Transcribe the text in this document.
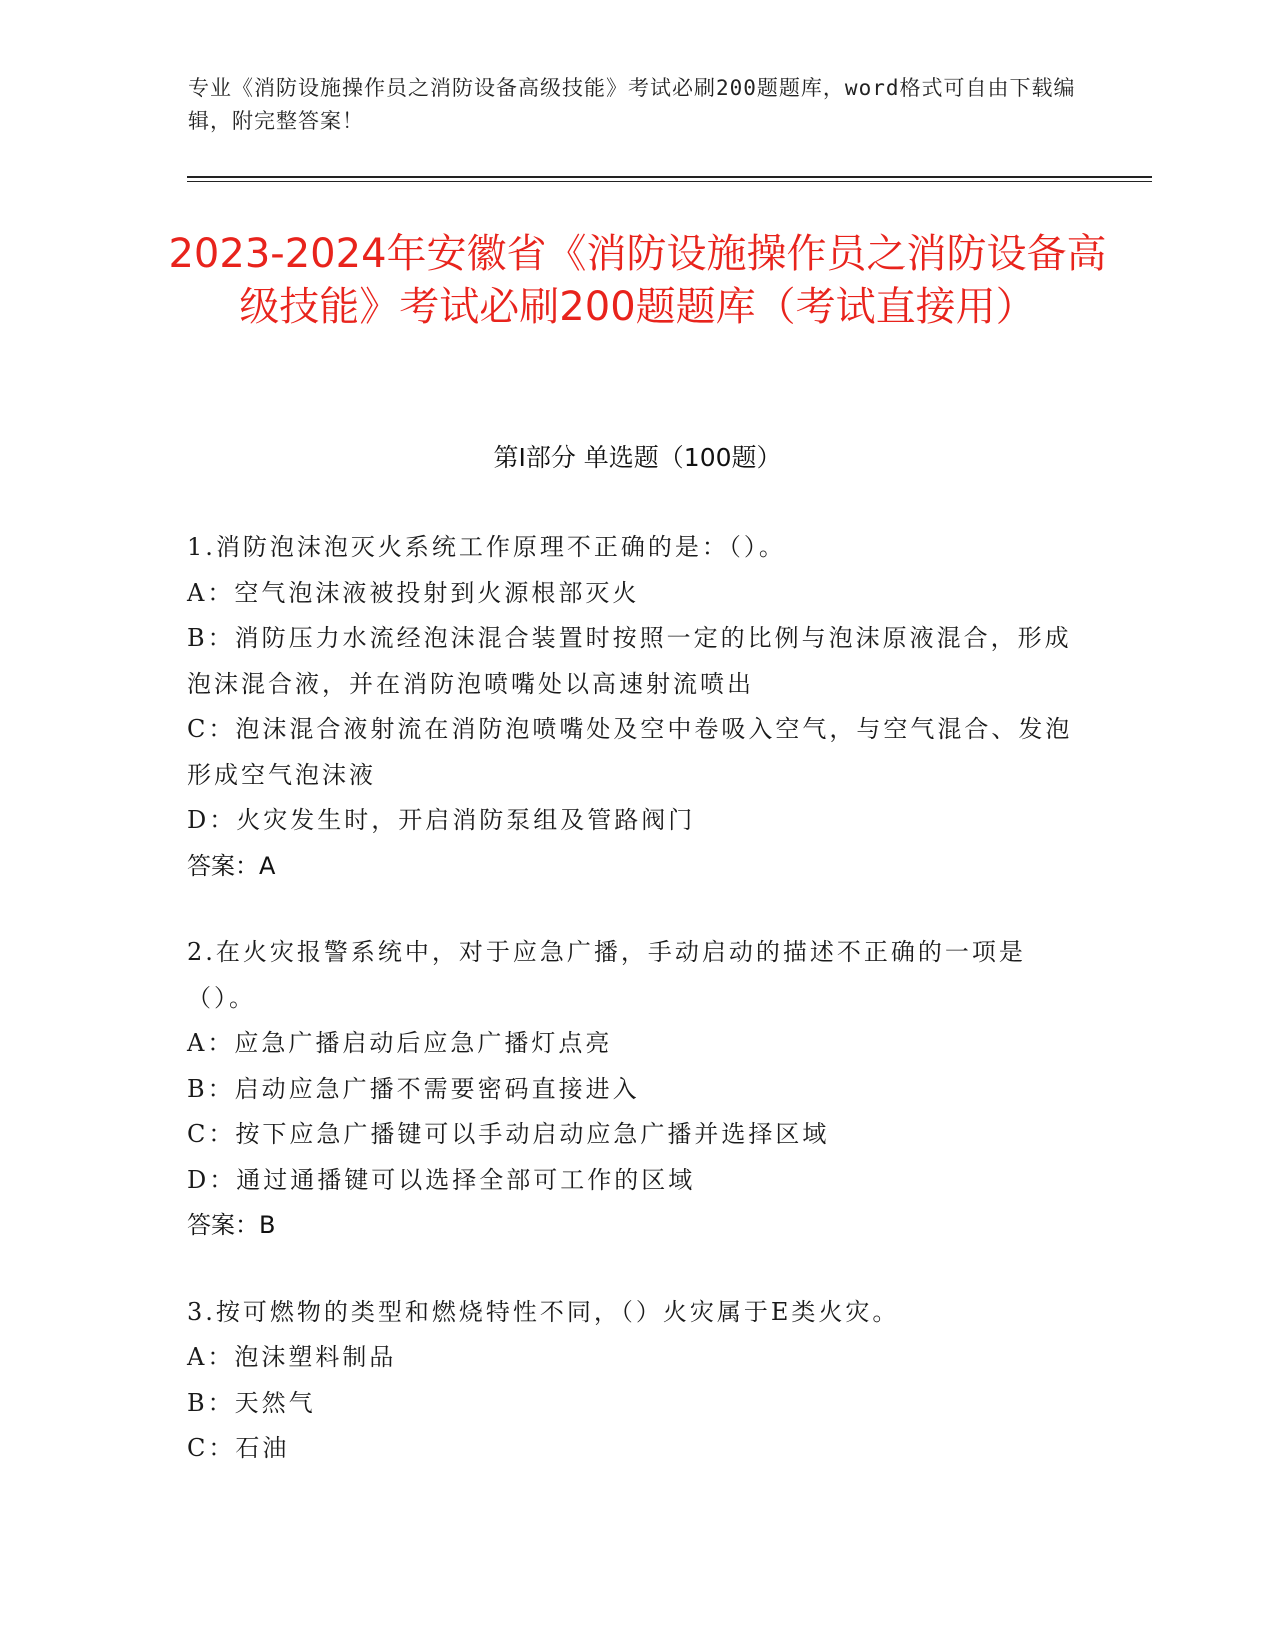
专业《消防设施操作员之消防设备高级技能》考试必刷200题题库，word格式可自由下载编辑，附完整答案！
2023-2024年安徽省《消防设施操作员之消防设备高级技能》考试必刷200题题库（考试直接用）
第Ⅰ部分 单选题（100题）

1.消防泡沫泡灭火系统工作原理不正确的是：（）。

A：空气泡沫液被投射到火源根部灭火

B：消防压力水流经泡沫混合装置时按照一定的比例与泡沫原液混合，形成泡沫混合液，并在消防泡喷嘴处以高速射流喷出

C：泡沫混合液射流在消防泡喷嘴处及空中卷吸入空气，与空气混合、发泡形成空气泡沫液

D：火灾发生时，开启消防泵组及管路阀门

答案：A

2.在火灾报警系统中，对于应急广播，手动启动的描述不正确的一项是（）。

A：应急广播启动后应急广播灯点亮

B：启动应急广播不需要密码直接进入

C：按下应急广播键可以手动启动应急广播并选择区域

D：通过通播键可以选择全部可工作的区域

答案：B

3.按可燃物的类型和燃烧特性不同，（）火灾属于E类火灾。

A：泡沫塑料制品

B：天然气

C：石油
